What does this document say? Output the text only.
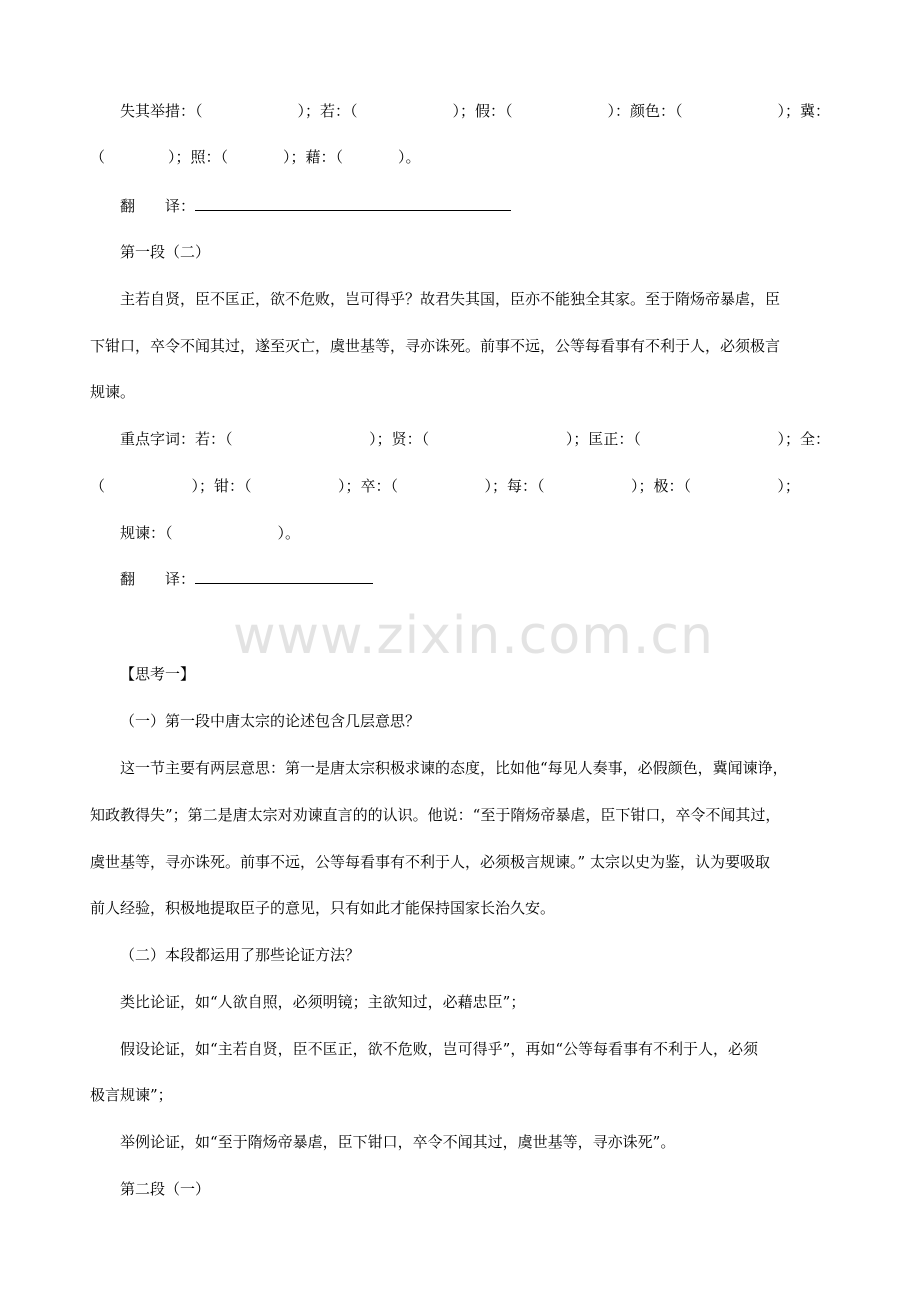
失其举措：（	）；若：（	）；假：（	）：颜色：（	）；冀：
（	）；照：（	）；藉：（	）。
翻　　译：
第一段（二）
主若自贤，臣不匡正，欲不危败，岂可得乎？故君失其国，臣亦不能独全其家。至于隋炀帝暴虐，臣
下钳口，卒令不闻其过，遂至灭亡，虞世基等，寻亦诛死。前事不远，公等每看事有不利于人，必须极言
规谏。
重点字词：若：（	）；贤：（	）；匡正：（	）；全：
（	）；钳：（	）；卒：（	）；每：（	）；极：（	）；
规谏：（　　　　　　　）。
翻　　译：
www.zixin.com.cn
【思考一】
（一）第一段中唐太宗的论述包含几层意思？
这一节主要有两层意思：第一是唐太宗积极求谏的态度，比如他“每见人奏事，必假颜色，冀闻谏诤，
知政教得失”；第二是唐太宗对劝谏直言的的认识。他说：“至于隋炀帝暴虐，臣下钳口，卒令不闻其过，
虞世基等，寻亦诛死。前事不远，公等每看事有不利于人，必须极言规谏。” 太宗以史为鉴，认为要吸取
前人经验，积极地提取臣子的意见，只有如此才能保持国家长治久安。
（二）本段都运用了那些论证方法？
类比论证，如“人欲自照，必须明镜；主欲知过，必藉忠臣”；
假设论证，如“主若自贤，臣不匡正，欲不危败，岂可得乎”，再如“公等每看事有不利于人，必须
极言规谏”；
举例论证，如“至于隋炀帝暴虐，臣下钳口，卒令不闻其过，虞世基等，寻亦诛死”。
第二段（一）
